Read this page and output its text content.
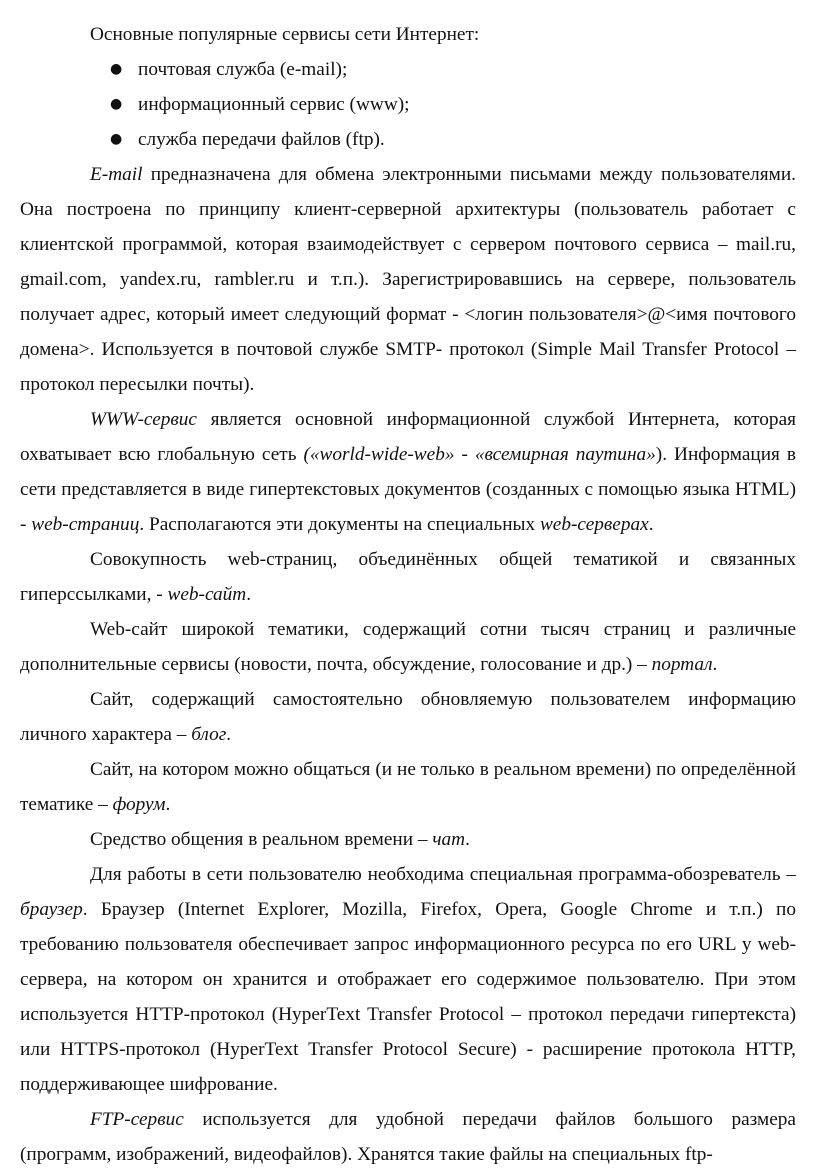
Основные популярные сервисы сети Интернет:

● почтовая служба (e-mail);
● информационный сервис (www);
● служба передачи файлов (ftp).

E-mail предназначена для обмена электронными письмами между пользователями. Она построена по принципу клиент-серверной архитектуры (пользователь работает с клиентской программой, которая взаимодействует с сервером почтового сервиса – mail.ru, gmail.com, yandex.ru, rambler.ru и т.п.). Зарегистрировавшись на сервере, пользователь получает адрес, который имеет следующий формат - <логин пользователя>@<имя почтового домена>. Используется в почтовой службе SMTP- протокол (Simple Mail Transfer Protocol – протокол пересылки почты).

WWW-сервис является основной информационной службой Интернета, которая охватывает всю глобальную сеть («world-wide-web» - «всемирная паутина»). Информация в сети представляется в виде гипертекстовых документов (созданных с помощью языка HTML) - web-страниц. Располагаются эти документы на специальных web-серверах.

Совокупность web-страниц, объединённых общей тематикой и связанных гиперссылками, - web-сайт.

Web-сайт широкой тематики, содержащий сотни тысяч страниц и различные дополнительные сервисы (новости, почта, обсуждение, голосование и др.) – портал.

Сайт, содержащий самостоятельно обновляемую пользователем информацию личного характера – блог.

Сайт, на котором можно общаться (и не только в реальном времени) по определённой тематике – форум.

Средство общения в реальном времени – чат.

Для работы в сети пользователю необходима специальная программа-обозреватель – браузер. Браузер (Internet Explorer, Mozilla, Firefox, Opera, Google Chrome и т.п.) по требованию пользователя обеспечивает запрос информационного ресурса по его URL у web-сервера, на котором он хранится и отображает его содержимое пользователю. При этом используется HTTP-протокол (HyperText Transfer Protocol – протокол передачи гипертекста) или HTTPS-протокол (HyperText Transfer Protocol Secure) - расширение протокола HTTP, поддерживающее шифрование.

FTP-сервис используется для удобной передачи файлов большого размера (программ, изображений, видеофайлов). Хранятся такие файлы на специальных ftp-
